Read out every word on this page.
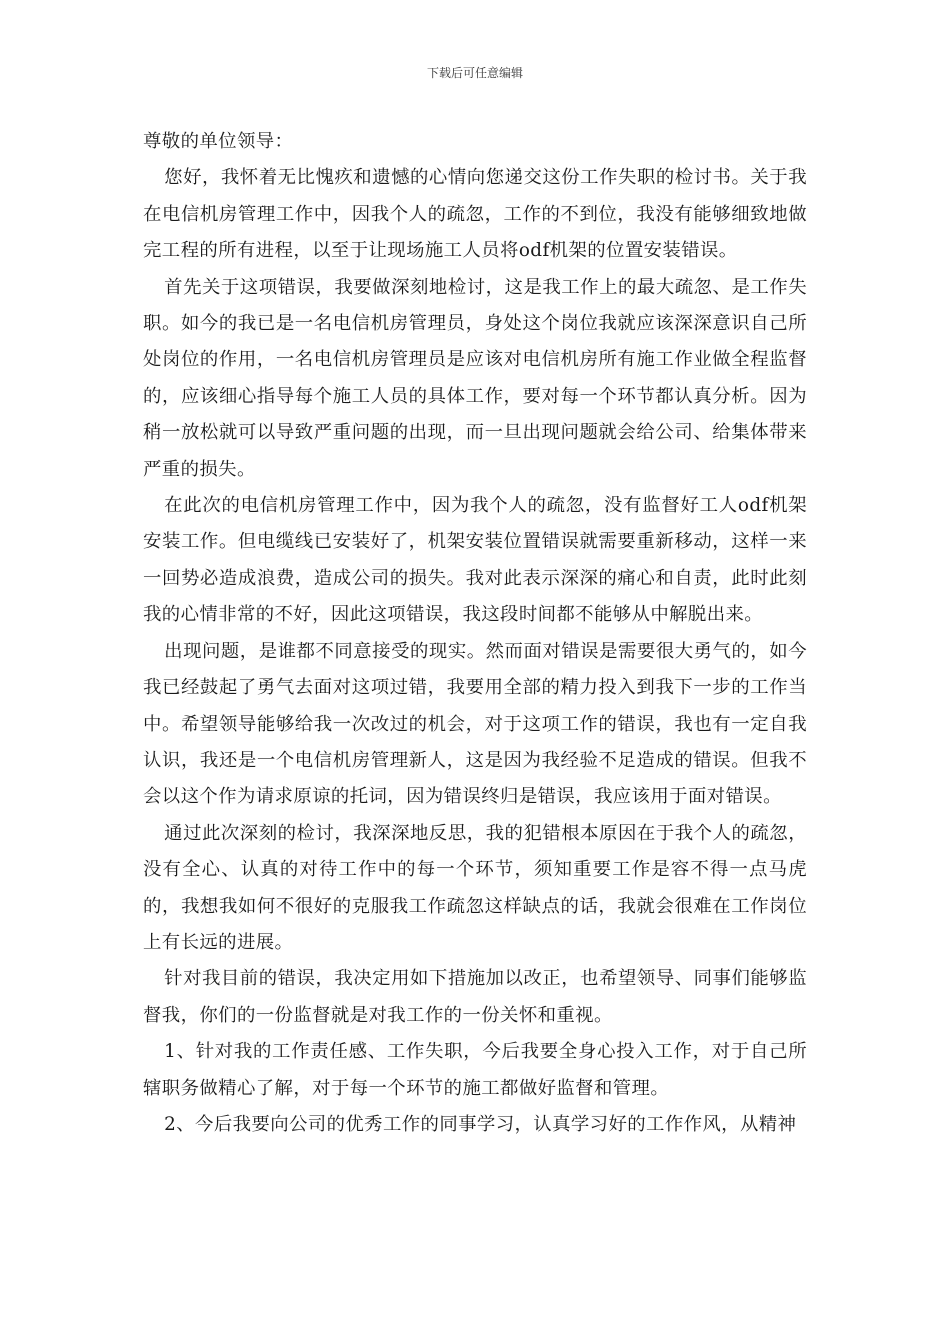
下载后可任意编辑

尊敬的单位领导：

您好，我怀着无比愧疚和遗憾的心情向您递交这份工作失职的检讨书。关于我在电信机房管理工作中，因我个人的疏忽，工作的不到位，我没有能够细致地做完工程的所有进程，以至于让现场施工人员将odf机架的位置安装错误。

首先关于这项错误，我要做深刻地检讨，这是我工作上的最大疏忽、是工作失职。如今的我已是一名电信机房管理员，身处这个岗位我就应该深深意识自己所处岗位的作用，一名电信机房管理员是应该对电信机房所有施工作业做全程监督的，应该细心指导每个施工人员的具体工作，要对每一个环节都认真分析。因为稍一放松就可以导致严重问题的出现，而一旦出现问题就会给公司、给集体带来严重的损失。

在此次的电信机房管理工作中，因为我个人的疏忽，没有监督好工人odf机架安装工作。但电缆线已安装好了，机架安装位置错误就需要重新移动，这样一来一回势必造成浪费，造成公司的损失。我对此表示深深的痛心和自责，此时此刻我的心情非常的不好，因此这项错误，我这段时间都不能够从中解脱出来。

出现问题，是谁都不同意接受的现实。然而面对错误是需要很大勇气的，如今我已经鼓起了勇气去面对这项过错，我要用全部的精力投入到我下一步的工作当中。希望领导能够给我一次改过的机会，对于这项工作的错误，我也有一定自我认识，我还是一个电信机房管理新人，这是因为我经验不足造成的错误。但我不会以这个作为请求原谅的托词，因为错误终归是错误，我应该用于面对错误。

通过此次深刻的检讨，我深深地反思，我的犯错根本原因在于我个人的疏忽，没有全心、认真的对待工作中的每一个环节，须知重要工作是容不得一点马虎的，我想我如何不很好的克服我工作疏忽这样缺点的话，我就会很难在工作岗位上有长远的进展。

针对我目前的错误，我决定用如下措施加以改正，也希望领导、同事们能够监督我，你们的一份监督就是对我工作的一份关怀和重视。

1、针对我的工作责任感、工作失职，今后我要全身心投入工作，对于自己所辖职务做精心了解，对于每一个环节的施工都做好监督和管理。

2、今后我要向公司的优秀工作的同事学习，认真学习好的工作作风，从精神
